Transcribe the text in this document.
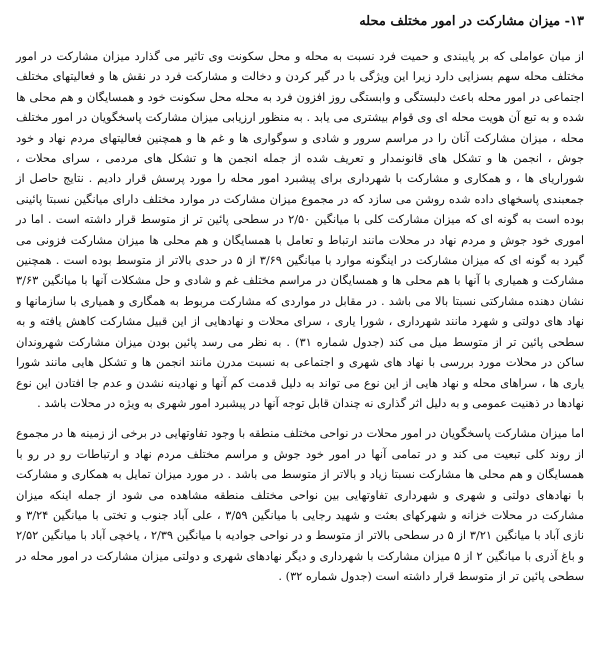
۱۳- میزان مشارکت در امور مختلف محله

از میان عواملی که بر پایبندی و حمیت فرد نسبت به محله و محل سکونت وی تاثیر می گذارد میزان مشارکت در امور مختلف محله سهم بسزایی دارد زیرا این ویژگی با در گیر کردن و دخالت و مشارکت فرد در نقش ها و فعالیتهای مختلف اجتماعی در امور محله باعث دلبستگی و وابستگی روز افزون فرد به محله محل سکونت خود و همسایگان و هم محلی ها شده و به تبع آن هویت محله ای وی قوام بیشتری می یابد . به منظور ارزیابی میزان مشارکت پاسخگویان در امور مختلف محله ، میزان مشارکت آنان را در مراسم سرور و شادی و سوگواری ها و غم ها و همچنین فعالیتهای مردم نهاد و خود جوش ، انجمن ها و تشکل های قانونمدار و تعریف شده از جمله انجمن ها و تشکل های مردمی ، سرای محلات ، شوراریای ها ، و همکاری و مشارکت با شهرداری برای پیشبرد امور محله را مورد پرسش قرار دادیم . نتایج حاصل از جمعبندی پاسخهای داده شده روشن می سازد که در مجموع میزان مشارکت در موارد مختلف دارای میانگین نسبتا پائینی بوده است به گونه ای که میزان مشارکت کلی با میانگین ۲/۵۰ در سطحی پائین تر از متوسط قرار داشته است . اما در اموری خود جوش و مردم نهاد در محلات مانند ارتباط و تعامل با همسایگان و هم محلی ها میزان مشارکت فزونی می گیرد به گونه ای که میزان مشارکت در اینگونه موارد با میانگین ۳/۶۹ از ۵ در حدی بالاتر از متوسط بوده است . همچنین مشارکت و همیاری با آنها با هم محلی ها و همسایگان در مراسم مختلف غم و شادی و حل مشکلات آنها با میانگین ۳/۶۳ نشان دهنده مشارکتی نسبتا بالا می باشد . در مقابل در مواردی که مشارکت مربوط به همگاری و همیاری با سازمانها و نهاد های دولتی و شهرد مانند شهرداری ، شورا یاری ، سرای محلات و نهادهایی از این قبیل مشارکت کاهش یافته و به سطحی پائین تر از متوسط میل می کند (جدول شماره ۳۱) . به نظر می رسد پائین بودن میزان مشارکت شهروندان ساکن در محلات مورد بررسی با نهاد های شهری و اجتماعی به نسبت مدرن مانند انجمن ها و تشکل هایی مانند شورا یاری ها ، سراهای محله و نهاد هایی از این نوع می تواند به دلیل قدمت کم آنها و نهادینه نشدن و عدم جا افتادن این نوع نهادها در ذهنیت عمومی و به دلیل اثر گذاری نه چندان قابل توجه آنها در پیشبرد امور شهری به ویژه در محلات باشد .

اما میزان مشارکت پاسخگویان در امور محلات در نواحی مختلف منطقه با وجود تفاوتهایی در برخی از زمینه ها در مجموع از روند کلی تبعیت می کند و در تمامی آنها در امور خود جوش و مراسم مختلف مردم نهاد و ارتباطات رو در رو با همسایگان و هم محلی ها مشارکت نسبتا زیاد و بالاتر از متوسط می باشد . در مورد میزان تمایل به همکاری و مشارکت با نهادهای دولتی و شهری و شهرداری تفاوتهایی بین نواحی مختلف منطقه مشاهده می شود از جمله اینکه میزان مشارکت در محلات خزانه و شهرکهای بعثت و شهید رجایی با میانگین ۳/۵۹ ، علی آباد جنوب و تختی با میانگین ۳/۲۴ و نازی آباد با میانگین ۳/۲۱ از ۵ در سطحی بالاتر از متوسط و در نواحی جوادیه با میانگین ۲/۳۹ ، یاخچی آباد با میانگین ۲/۵۲ و باغ آذری با میانگین ۲ از ۵ میزان مشارکت با شهرداری و دیگر نهادهای شهری و دولتی میزان مشارکت در امور محله در سطحی پائین تر از متوسط قرار داشته است (جدول شماره ۳۲) .
